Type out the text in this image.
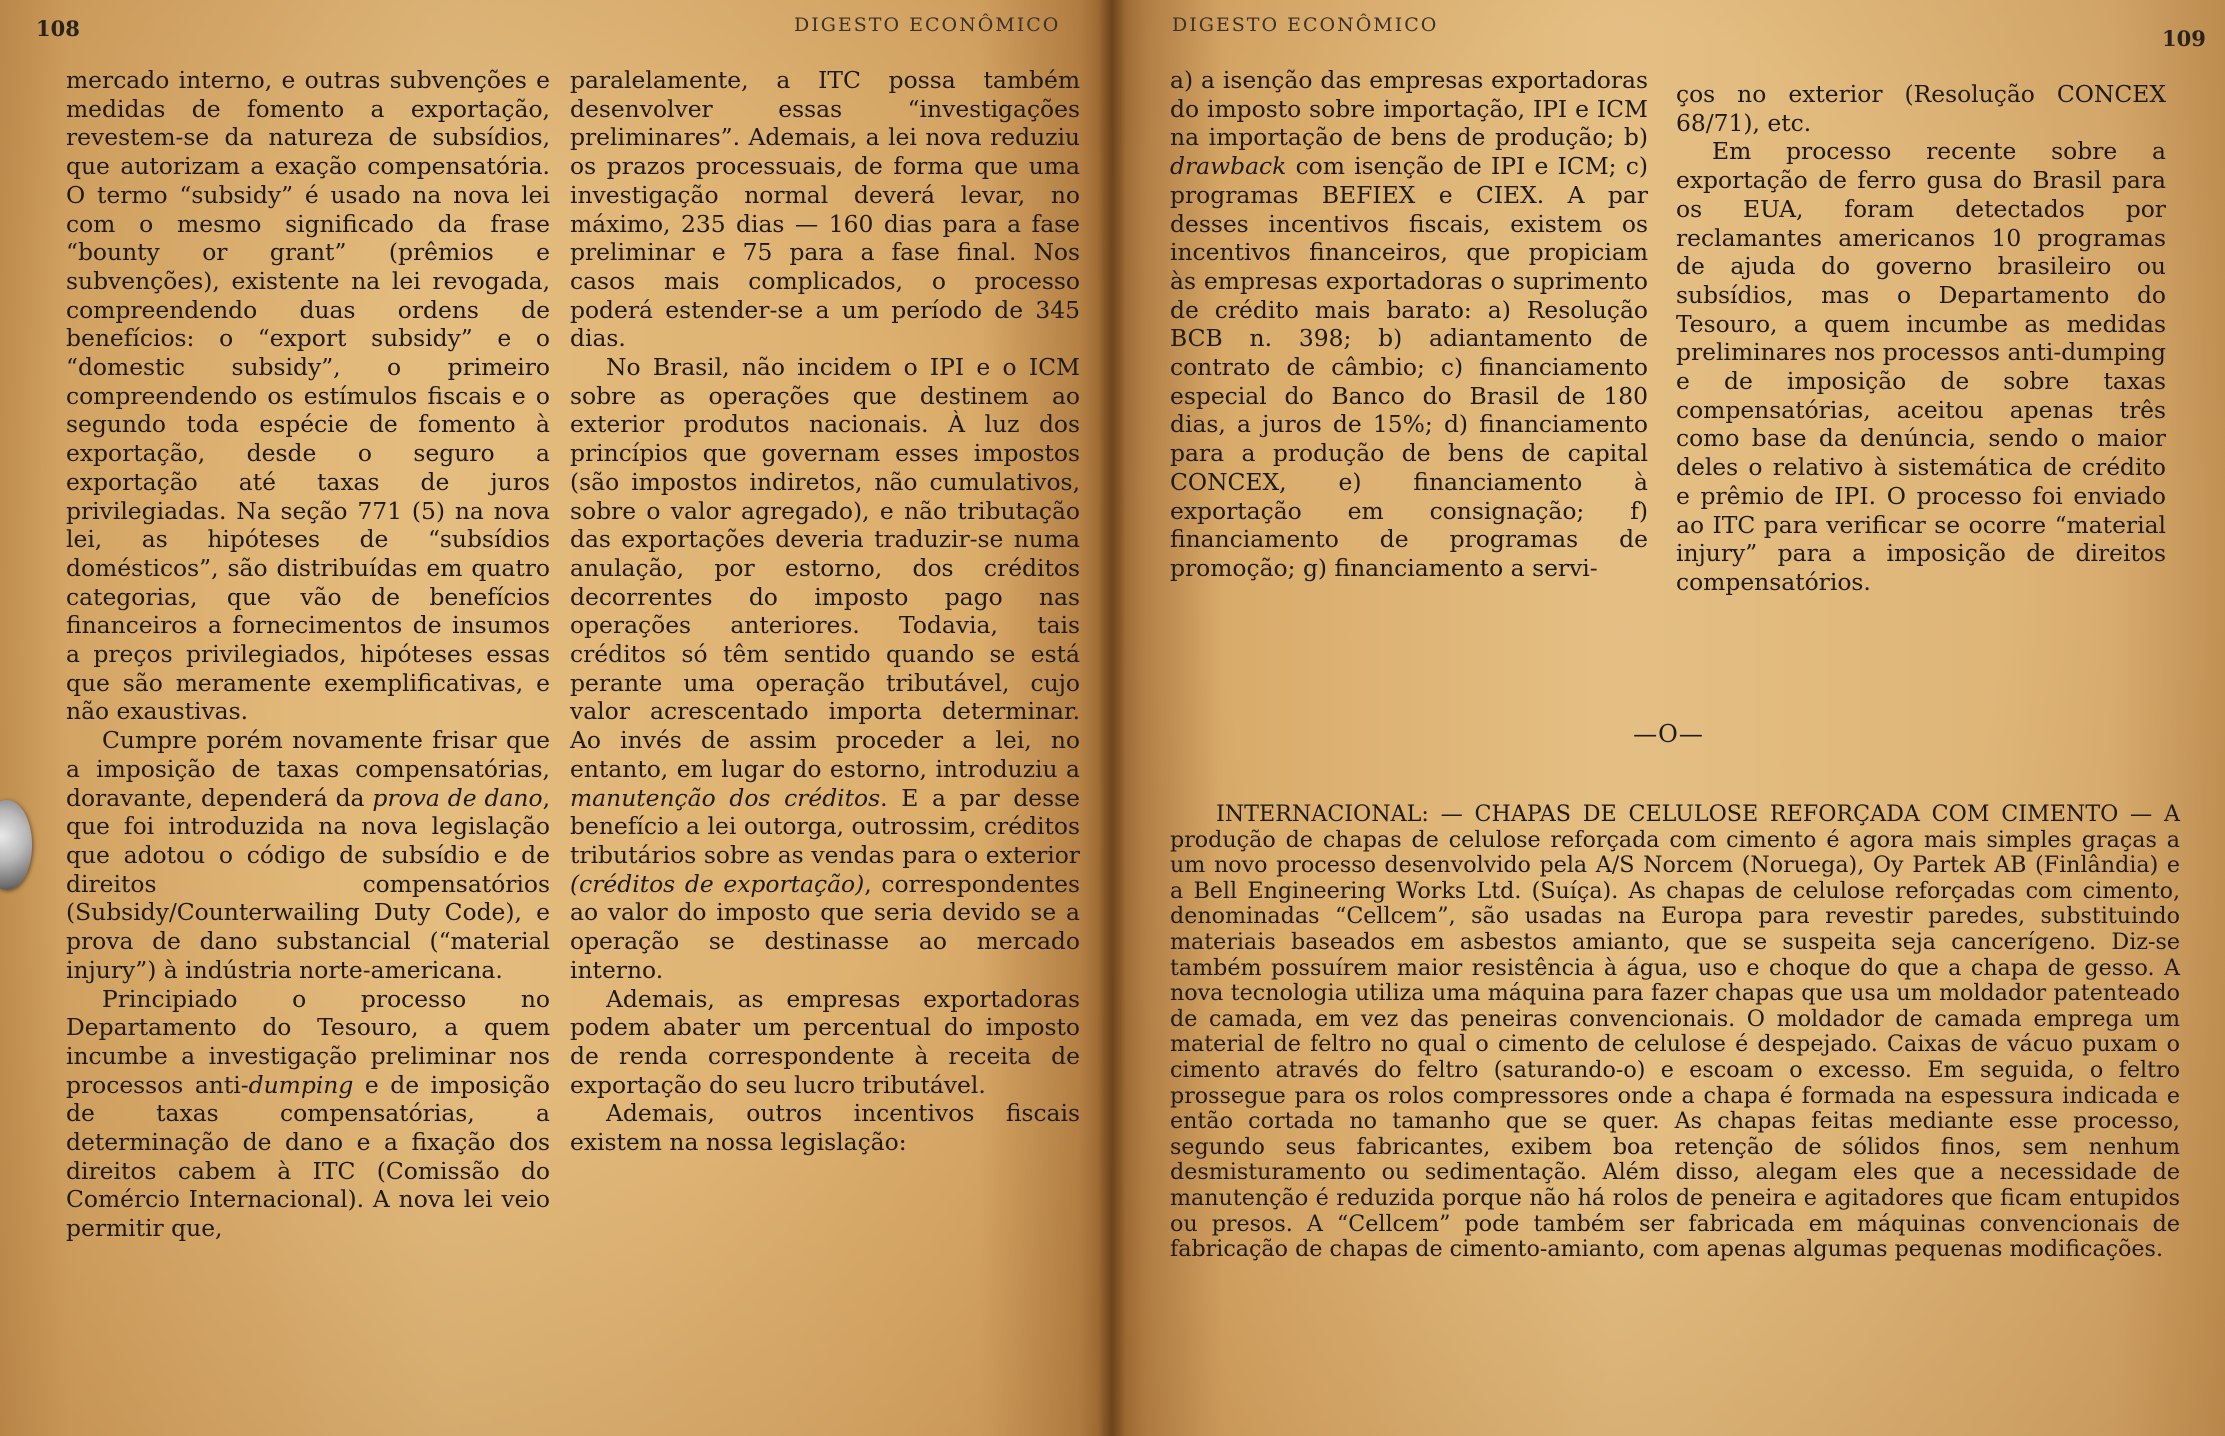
108	DIGESTO ECONÔMICO

mercado interno, e outras subvenções e medidas de fomento a exportação, revestem-se da natureza de subsídios, que autorizam a exação compensatória. O termo “subsidy” é usado na nova lei com o mesmo significado da frase “bounty or grant” (prêmios e subvenções), existente na lei revogada, compreendendo duas ordens de benefícios: o “export subsidy” e o “domestic subsidy”, o primeiro compreendendo os estímulos fiscais e o segundo toda espécie de fomento à exportação, desde o seguro a exportação até taxas de juros privilegiadas. Na seção 771 (5) na nova lei, as hipóteses de “subsídios domésticos”, são distribuídas em quatro categorias, que vão de benefícios financeiros a fornecimentos de insumos a preços privilegiados, hipóteses essas que são meramente exemplificativas, e não exaustivas.

Cumpre porém novamente frisar que a imposição de taxas compensatórias, doravante, dependerá da prova de dano, que foi introduzida na nova legislação que adotou o código de subsídio e de direitos compensatórios (Subsidy/Counterwailing Duty Code), e prova de dano substancial (“material injury”) à indústria norte-americana.

Principiado o processo no Departamento do Tesouro, a quem incumbe a investigação preliminar nos processos anti-dumping e de imposição de taxas compensatórias, a determinação de dano e a fixação dos direitos cabem à ITC (Comissão do Comércio Internacional). A nova lei veio permitir que,

paralelamente, a ITC possa também desenvolver essas “investigações preliminares”. Ademais, a lei nova reduziu os prazos processuais, de forma que uma investigação normal deverá levar, no máximo, 235 dias — 160 dias para a fase preliminar e 75 para a fase final. Nos casos mais complicados, o processo poderá estender-se a um período de 345 dias.

No Brasil, não incidem o IPI e o ICM sobre as operações que destinem ao exterior produtos nacionais. À luz dos princípios que governam esses impostos (são impostos indiretos, não cumulativos, sobre o valor agregado), e não tributação das exportações deveria traduzir-se numa anulação, por estorno, dos créditos decorrentes do imposto pago nas operações anteriores. Todavia, tais créditos só têm sentido quando se está perante uma operação tributável, cujo valor acrescentado importa determinar. Ao invés de assim proceder a lei, no entanto, em lugar do estorno, introduziu a manutenção dos créditos. E a par desse benefício a lei outorga, outrossim, créditos tributários sobre as vendas para o exterior (créditos de exportação), correspondentes ao valor do imposto que seria devido se a operação se destinasse ao mercado interno.

Ademais, as empresas exportadoras podem abater um percentual do imposto de renda correspondente à receita de exportação do seu lucro tributável.

Ademais, outros incentivos fiscais existem na nossa legislação:

DIGESTO ECONÔMICO
109

a) a isenção das empresas exportadoras do imposto sobre importação, IPI e ICM na importação de bens de produção; b) drawback com isenção de IPI e ICM; c) programas BEFIEX e CIEX. A par desses incentivos fiscais, existem os incentivos financeiros, que propiciam às empresas exportadoras o suprimento de crédito mais barato: a) Resolução BCB n. 398; b) adiantamento de contrato de câmbio; c) financiamento especial do Banco do Brasil de 180 dias, a juros de 15%; d) financiamento para a produção de bens de capital CONCEX, e) financiamento à exportação em consignação; f) financiamento de programas de promoção; g) financiamento a servi-

ços no exterior (Resolução CONCEX 68/71), etc.

Em processo recente sobre a exportação de ferro gusa do Brasil para os EUA, foram detectados por reclamantes americanos 10 programas de ajuda do governo brasileiro ou subsídios, mas o Departamento do Tesouro, a quem incumbe as medidas preliminares nos processos anti-dumping e de imposição de sobre taxas compensatórias, aceitou apenas três como base da denúncia, sendo o maior deles o relativo à sistemática de crédito e prêmio de IPI. O processo foi enviado ao ITC para verificar se ocorre “material injury” para a imposição de direitos compensatórios.

—O—

INTERNACIONAL: — CHAPAS DE CELULOSE REFORÇADA COM CIMENTO — A produção de chapas de celulose reforçada com cimento é agora mais simples graças a um novo processo desenvolvido pela A/S Norcem (Noruega), Oy Partek AB (Finlândia) e a Bell Engineering Works Ltd. (Suíça). As chapas de celulose reforçadas com cimento, denominadas “Cellcem”, são usadas na Europa para revestir paredes, substituindo materiais baseados em asbestos amianto, que se suspeita seja cancerígeno. Diz-se também possuírem maior resistência à água, uso e choque do que a chapa de gesso. A nova tecnologia utiliza uma máquina para fazer chapas que usa um moldador patenteado de camada, em vez das peneiras convencionais. O moldador de camada emprega um material de feltro no qual o cimento de celulose é despejado. Caixas de vácuo puxam o cimento através do feltro (saturando-o) e escoam o excesso. Em seguida, o feltro prossegue para os rolos compressores onde a chapa é formada na espessura indicada e então cortada no tamanho que se quer. As chapas feitas mediante esse processo, segundo seus fabricantes, exibem boa retenção de sólidos finos, sem nenhum desmisturamento ou sedimentação. Além disso, alegam eles que a necessidade de manutenção é reduzida porque não há rolos de peneira e agitadores que ficam entupidos ou presos. A “Cellcem” pode também ser fabricada em máquinas convencionais de fabricação de chapas de cimento-amianto, com apenas algumas pequenas modificações.
